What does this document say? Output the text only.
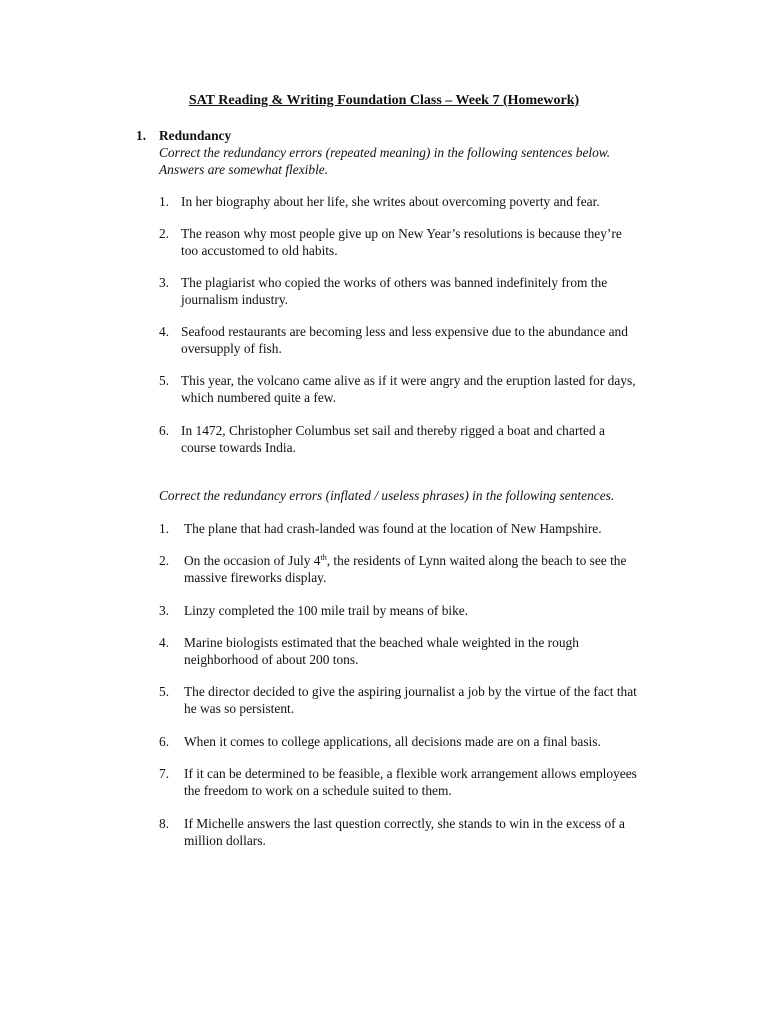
SAT Reading & Writing Foundation Class – Week 7 (Homework)
1. Redundancy
Correct the redundancy errors (repeated meaning) in the following sentences below.
Answers are somewhat flexible.
1. In her biography about her life, she writes about overcoming poverty and fear.
2. The reason why most people give up on New Year’s resolutions is because they’re
too accustomed to old habits.
3. The plagiarist who copied the works of others was banned indefinitely from the
journalism industry.
4. Seafood restaurants are becoming less and less expensive due to the abundance and
oversupply of fish.
5. This year, the volcano came alive as if it were angry and the eruption lasted for days,
which numbered quite a few.
6. In 1472, Christopher Columbus set sail and thereby rigged a boat and charted a
course towards India.
Correct the redundancy errors (inflated / useless phrases) in the following sentences.
1. The plane that had crash-landed was found at the location of New Hampshire.
2. On the occasion of July 4th, the residents of Lynn waited along the beach to see the
massive fireworks display.
3. Linzy completed the 100 mile trail by means of bike.
4. Marine biologists estimated that the beached whale weighted in the rough
neighborhood of about 200 tons.
5. The director decided to give the aspiring journalist a job by the virtue of the fact that
he was so persistent.
6. When it comes to college applications, all decisions made are on a final basis.
7. If it can be determined to be feasible, a flexible work arrangement allows employees
the freedom to work on a schedule suited to them.
8. If Michelle answers the last question correctly, she stands to win in the excess of a
million dollars.
